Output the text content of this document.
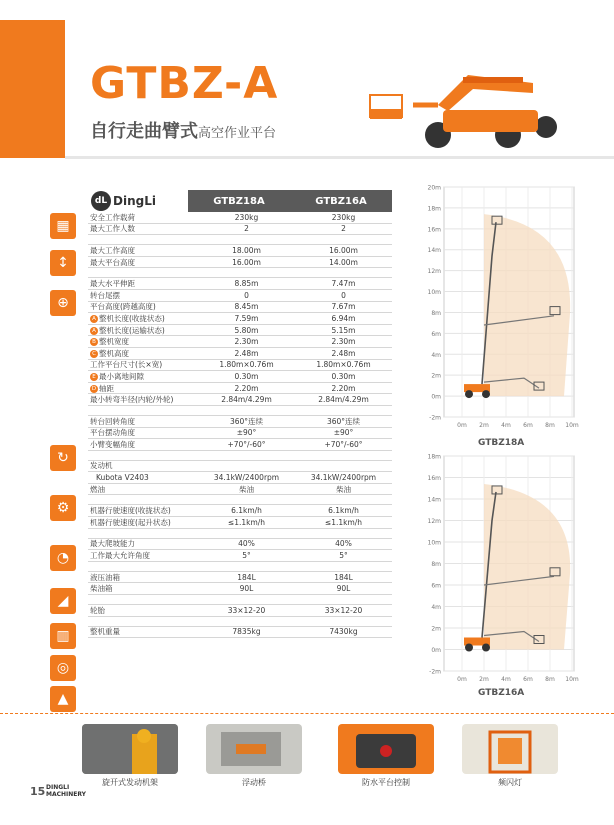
GTBZ-A
自行走曲臂式高空作业平台
▦
↕
⊕
↻
⚙
◔
◢
▥
◎
▲
dL DingLi	GTBZ18A	GTBZ16A
安全工作载荷	230kg	230kg
最大工作人数	2	2
最大工作高度	18.00m	16.00m
最大平台高度	16.00m	14.00m
最大水平伸距	8.85m	7.47m
转台尾摆	0	0
平台高度(跨越高度)	8.45m	7.67m
A 整机长度(收拢状态)	7.59m	6.94m
A 整机长度(运输状态)	5.80m	5.15m
B 整机宽度	2.30m	2.30m
C 整机高度	2.48m	2.48m
工作平台尺寸(长×宽)	1.80m×0.76m	1.80m×0.76m
E 最小离地间隙	0.30m	0.30m
D 轴距	2.20m	2.20m
最小转弯半径(内轮/外轮)	2.84m/4.29m	2.84m/4.29m
转台回转角度	360°连续	360°连续
平台摆动角度	±90°	±90°
小臂变幅角度	+70°/-60°	+70°/-60°
发动机
Kubota V2403	34.1kW/2400rpm	34.1kW/2400rpm
燃油	柴油	柴油
机器行驶速度(收拢状态)	6.1km/h	6.1km/h
机器行驶速度(起升状态)	≤1.1km/h	≤1.1km/h
最大爬坡能力	40%	40%
工作最大允许角度	5°	5°
液压油箱	184L	184L
柴油箱	90L	90L
轮胎	33×12-20	33×12-20
整机重量	7835kg	7430kg
20m
18m
16m
14m
12m
10m
8m
6m
4m
2m
0m
-2m
0m 2m 4m 6m 8m 10m
GTBZ18A
18m
16m
14m
12m
10m
8m
6m
4m
2m
0m
-2m
0m 2m 4m 6m 8m 10m
GTBZ16A
旋开式发动机架	浮动桥	防水平台控制	频闪灯
15 DINGLI
MACHINERY
